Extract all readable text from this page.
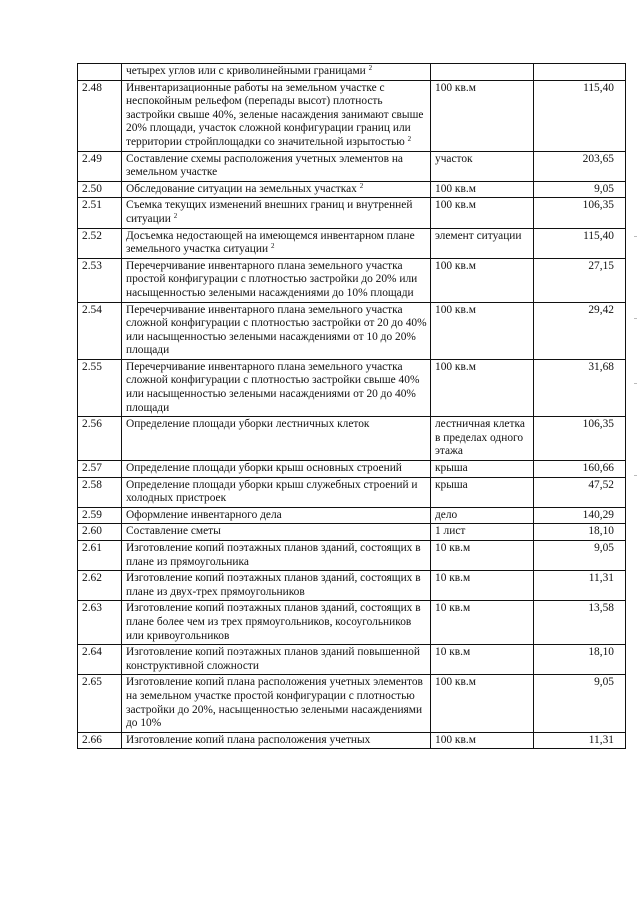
	четырех углов или с криволинейными границами $^2$		

2.48	Инвентаризационные работы на земельном участке с неспокойным рельефом (перепады высот) плотность застройки свыше 40%, зеленые насаждения занимают свыше 20% площади, участок сложной конфигурации границ или территории стройплощадки со значительной изрытостью $^2$	100 кв.м	115,40

2.49	Составление схемы расположения учетных элементов на земельном участке	участок	203,65

2.50	Обследование ситуации на земельных участках $^2$	100 кв.м	9,05

2.51	Съемка текущих изменений внешних границ и внутренней ситуации $^2$	100 кв.м	106,35

2.52	Досъемка недостающей на имеющемся инвентарном плане земельного участка ситуации $^2$	элемент ситуации	115,40

2.53	Перечерчивание инвентарного плана земельного участка простой конфигурации с плотностью застройки до 20% или насыщенностью зелеными насаждениями до 10% площади	100 кв.м	27,15

2.54	Перечерчивание инвентарного плана земельного участка сложной конфигурации с плотностью застройки от 20 до 40% или насыщенностью зелеными насаждениями от 10 до 20% площади	100 кв.м	29,42

2.55	Перечерчивание инвентарного плана земельного участка сложной конфигурации с плотностью застройки свыше 40% или насыщенностью зелеными насаждениями от 20 до 40% площади	100 кв.м	31,68

2.56	Определение площади уборки лестничных клеток	лестничная клетка в пределах одного этажа	106,35

2.57	Определение площади уборки крыш основных строений	крыша	160,66

2.58	Определение площади уборки крыш служебных строений и холодных пристроек	крыша	47,52

2.59	Оформление инвентарного дела	дело	140,29

2.60	Составление сметы	1 лист	18,10

2.61	Изготовление копий поэтажных планов зданий, состоящих в плане из прямоугольника	10 кв.м	9,05

2.62	Изготовление копий поэтажных планов зданий, состоящих в плане из двух-трех прямоугольников	10 кв.м	11,31

2.63	Изготовление копий поэтажных планов зданий, состоящих в плане более чем из трех прямоугольников, косоугольников или кривоугольников	10 кв.м	13,58

2.64	Изготовление копий поэтажных планов зданий повышенной конструктивной сложности	10 кв.м	18,10

2.65	Изготовление копий плана расположения учетных элементов на земельном участке простой конфигурации с плотностью застройки до 20%, насыщенностью зелеными насаждениями до 10%	100 кв.м	9,05

2.66	Изготовление копий плана расположения учетных	100 кв.м	11,31
